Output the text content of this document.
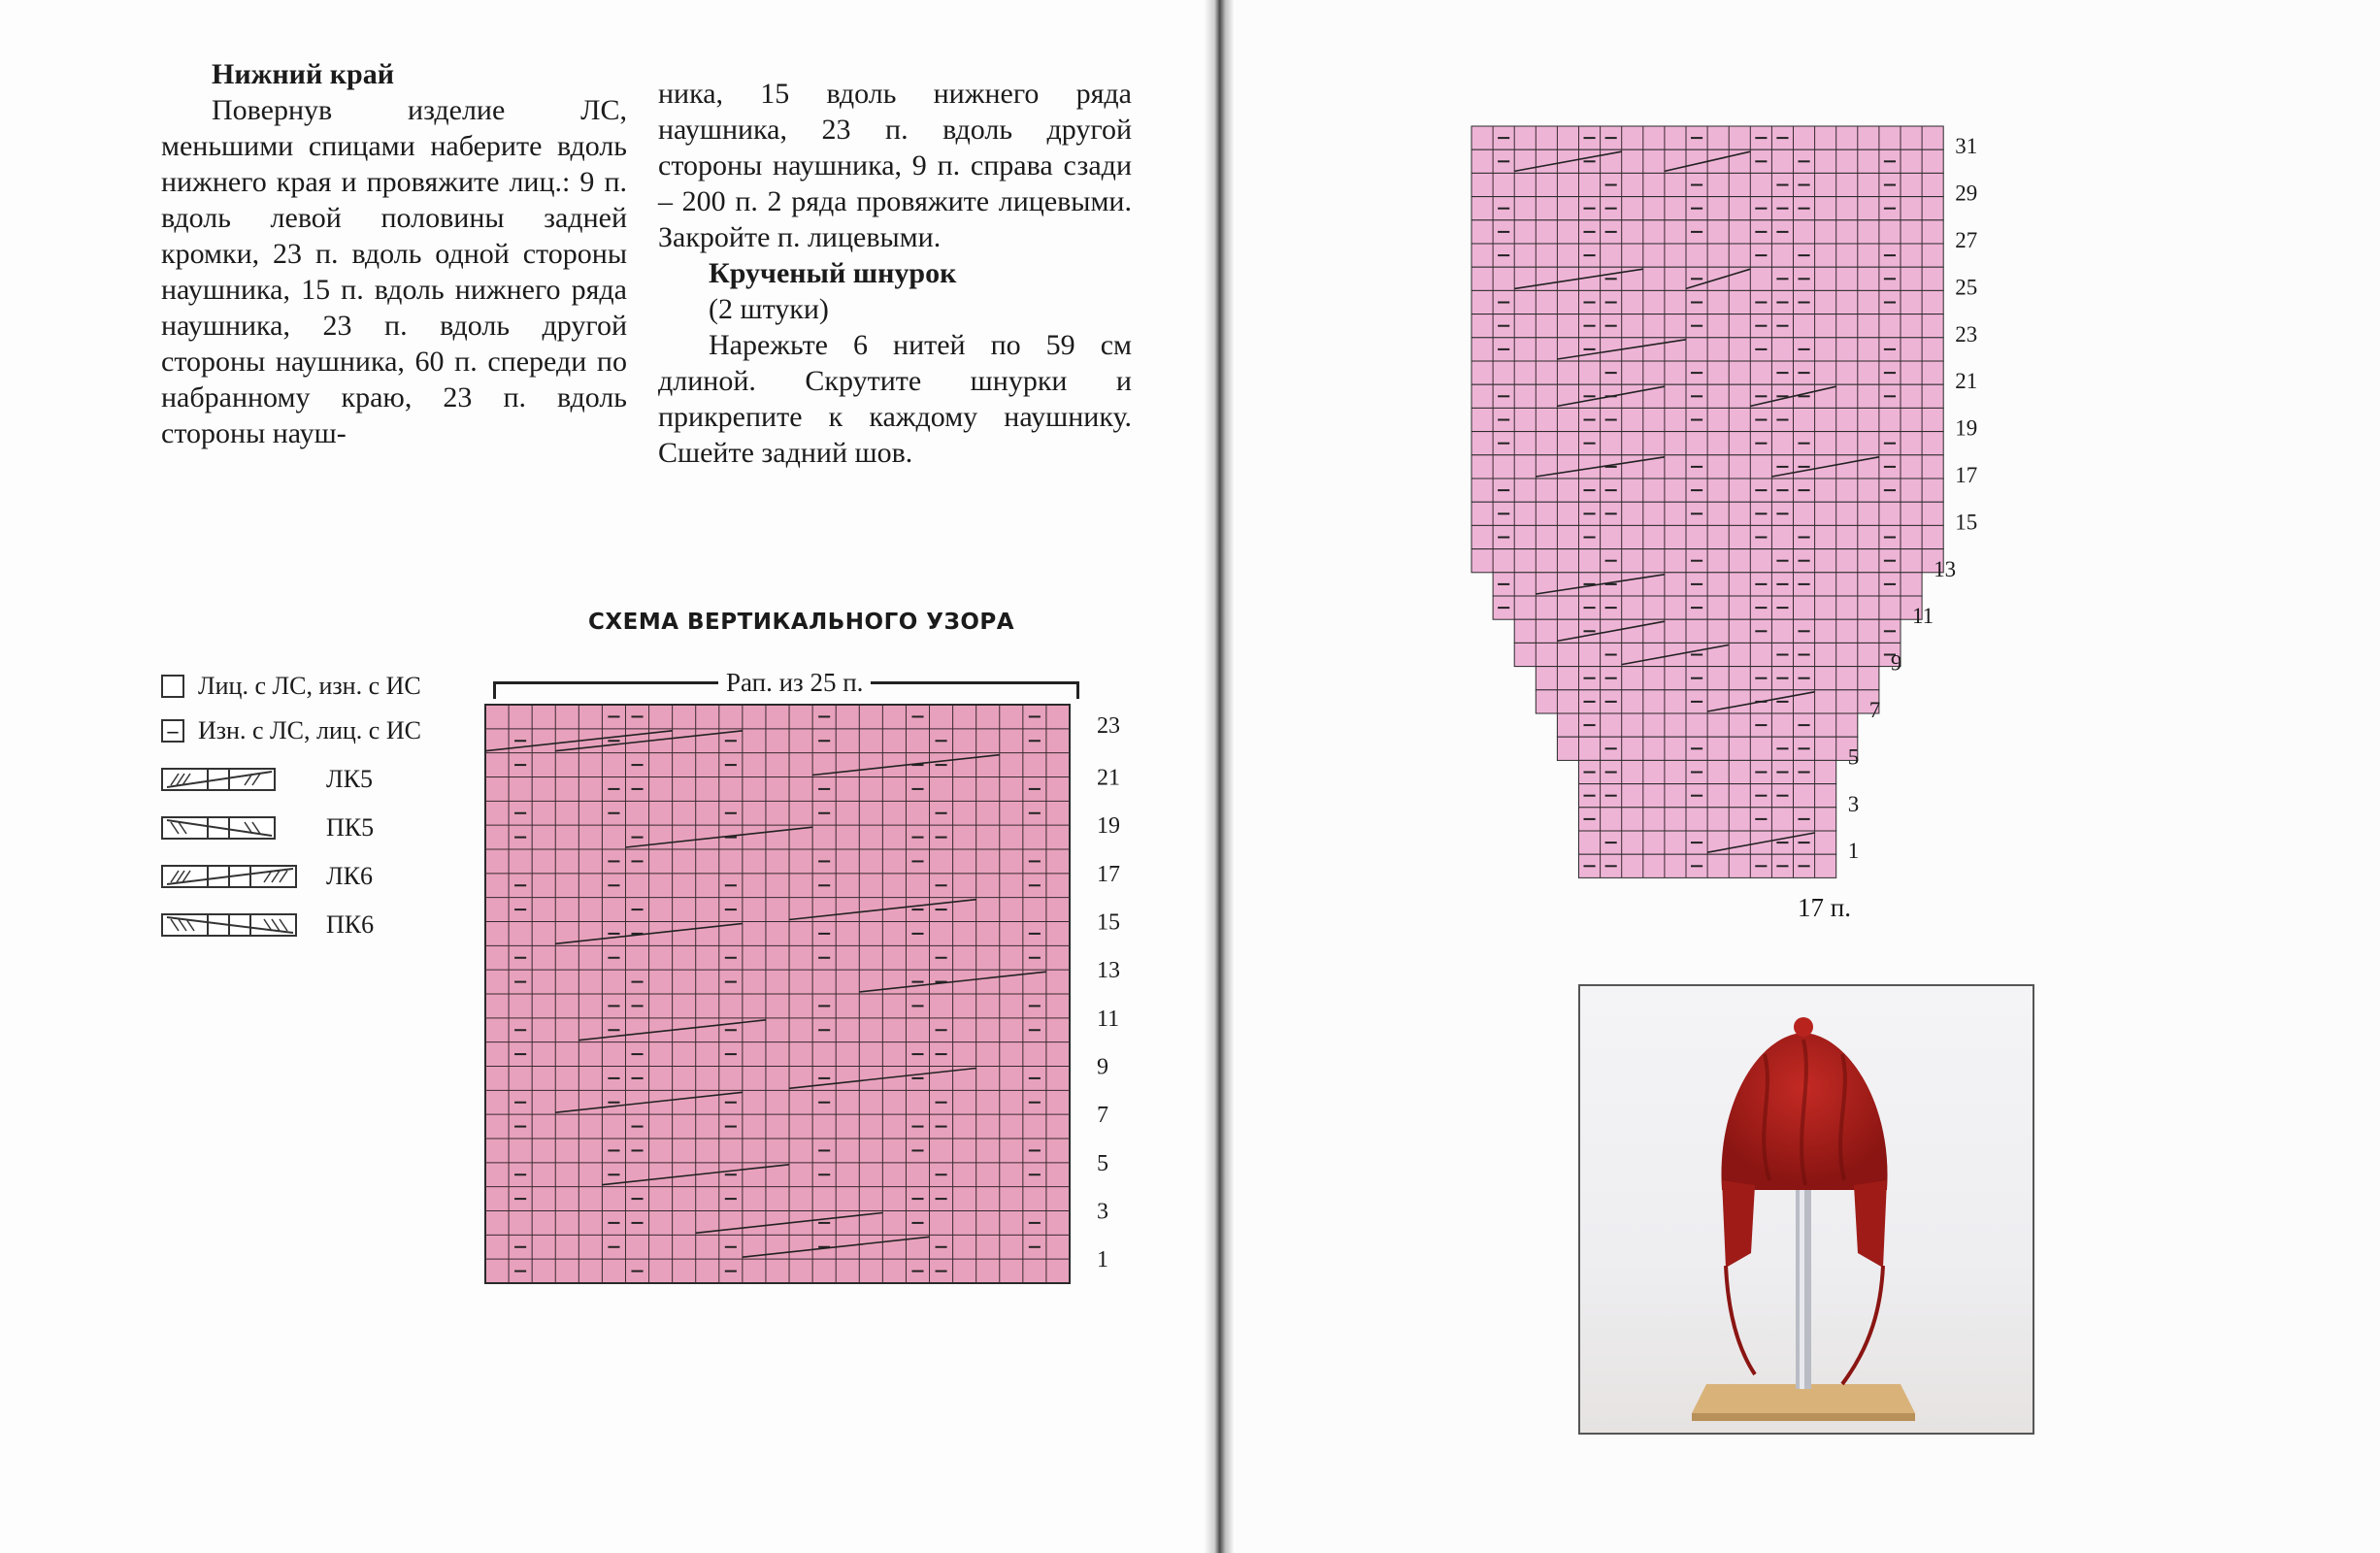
Нижний край

Повернув изделие ЛС, меньшими спицами наберите вдоль нижнего края и провяжите лиц.: 9 п. вдоль левой половины задней кромки, 23 п. вдоль одной стороны наушника, 15 п. вдоль нижнего ряда наушника, 23 п. вдоль другой стороны наушника, 60 п. спереди по набранному краю, 23 п. вдоль стороны науш-

ника, 15 вдоль нижнего ряда наушника, 23 п. вдоль другой стороны наушника, 9 п. справа сзади – 200 п. 2 ряда провяжите лицевыми. Закройте п. лицевыми.

Крученый шнурок

(2 штуки)

Нарежьте 6 нитей по 59 см длиной. Скрутите шнурки и прикрепите к каждому наушнику. Сшейте задний шов.

СХЕМА ВЕРТИКАЛЬНОГО УЗОРА
Лиц. с ЛС, изн. с ИС
– Изн. с ЛС, лиц. с ИС
ЛК5
ПК5
ЛК6
ПК6
Рап. из 25 п.
23
21
19
17
15
13
11
9
7
5
3
1
31
29
27
25
23
21
19
17
15
13
11
9
7
5
3
1
17 п.
